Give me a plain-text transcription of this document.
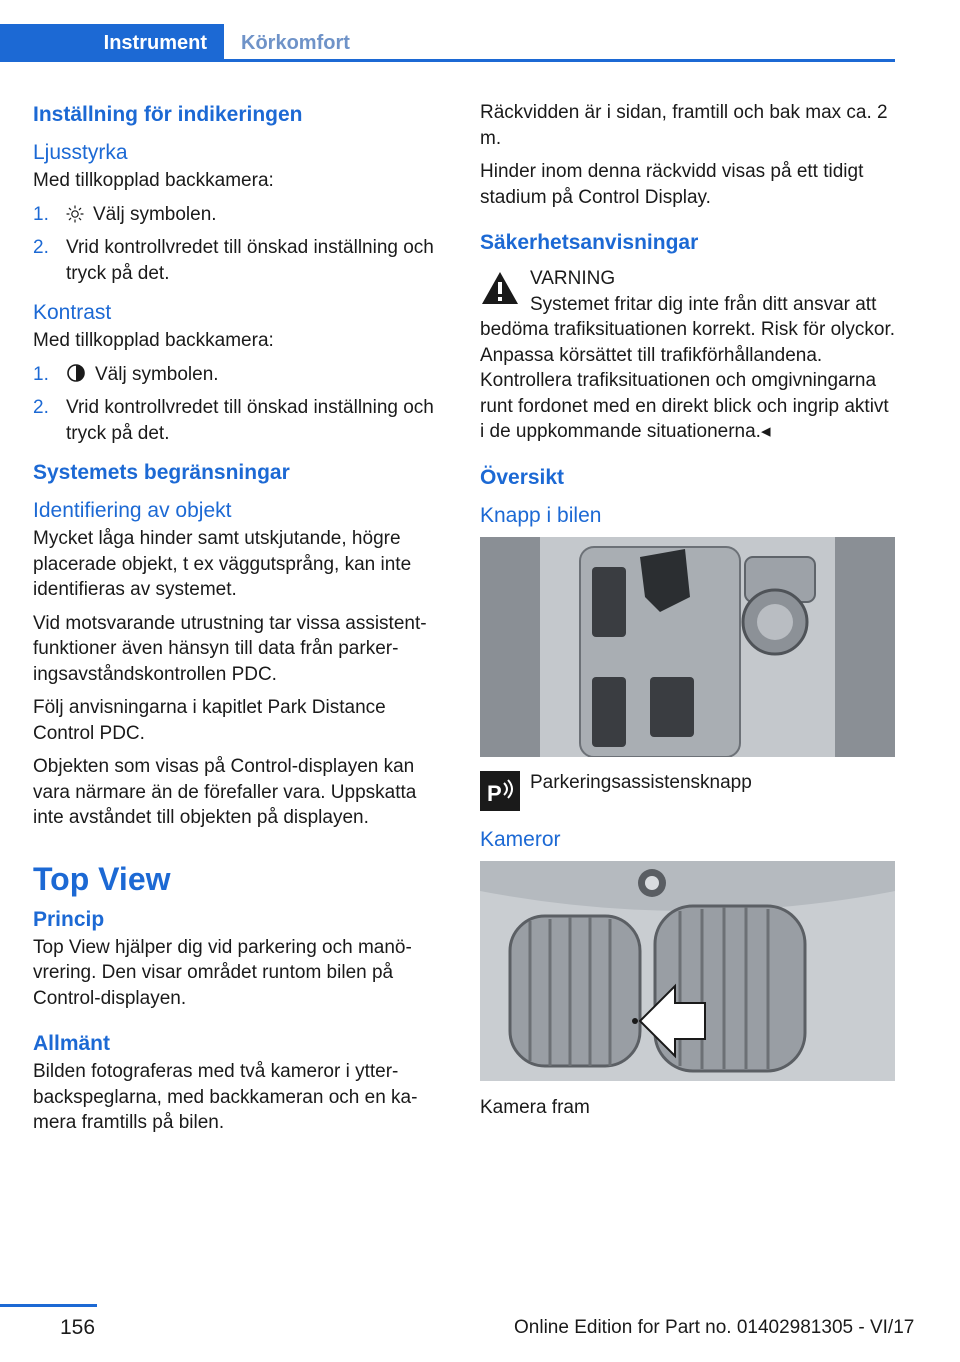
Instrument	Körkomfort
Inställning för indikeringen
Ljusstyrka

Med tillkopplad backkamera:

1. Välj symbolen.
2. Vrid kontrollvredet till önskad inställning och tryck på det.
Kontrast

Med tillkopplad backkamera:

1. Välj symbolen.
2. Vrid kontrollvredet till önskad inställning och tryck på det.
Systemets begränsningar
Identifiering av objekt

Mycket låga hinder samt utskjutande, högre placerade objekt, t ex väggutsprång, kan inte identifieras av systemet.

Vid motsvarande utrustning tar vissa assistentfunktioner även hänsyn till data från parkeringsavståndskontrollen PDC.

Följ anvisningarna i kapitlet Park Distance Control PDC.

Objekten som visas på Control-displayen kan vara närmare än de förefaller vara. Uppskatta inte avståndet till objekten på displayen.

Top View
Princip

Top View hjälper dig vid parkering och manövrering. Den visar området runtom bilen på Control-displayen.

Allmänt

Bilden fotograferas med två kameror i ytterbackspeglarna, med backkameran och en kamera framtills på bilen.

Räckvidden är i sidan, framtill och bak max ca. 2 m.

Hinder inom denna räckvidd visas på ett tidigt stadium på Control Display.

Säkerhetsanvisningar
VARNING

Systemet fritar dig inte från ditt ansvar att bedöma trafiksituationen korrekt. Risk för olyckor. Anpassa körsättet till trafikförhållandena. Kontrollera trafiksituationen och omgivningarna runt fordonet med en direkt blick och ingrip aktivt i de uppkommande situationerna.◂

Översikt
Knapp i bilen
P Parkeringsassistensknapp

Kameror

Kamera fram

156	Online Edition for Part no. 01402981305 - VI/17
